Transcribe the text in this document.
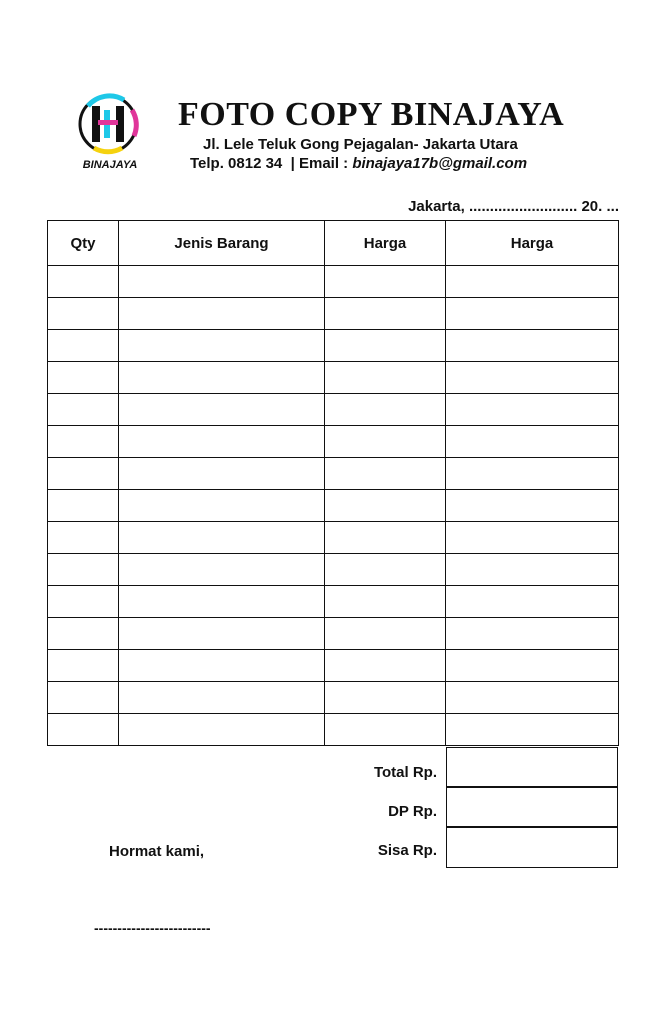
BINAJAYA
FOTO COPY BINAJAYA
Jl. Lele Teluk Gong Pejagalan- Jakarta Utara
Telp. 0812 34 | Email : binajaya17b@gmail.com
Jakarta, .......................... 20. ...
Qty	Jenis Barang	Harga	Harga

Total Rp.
DP Rp.
Sisa Rp.
Hormat kami,
-------------------------
